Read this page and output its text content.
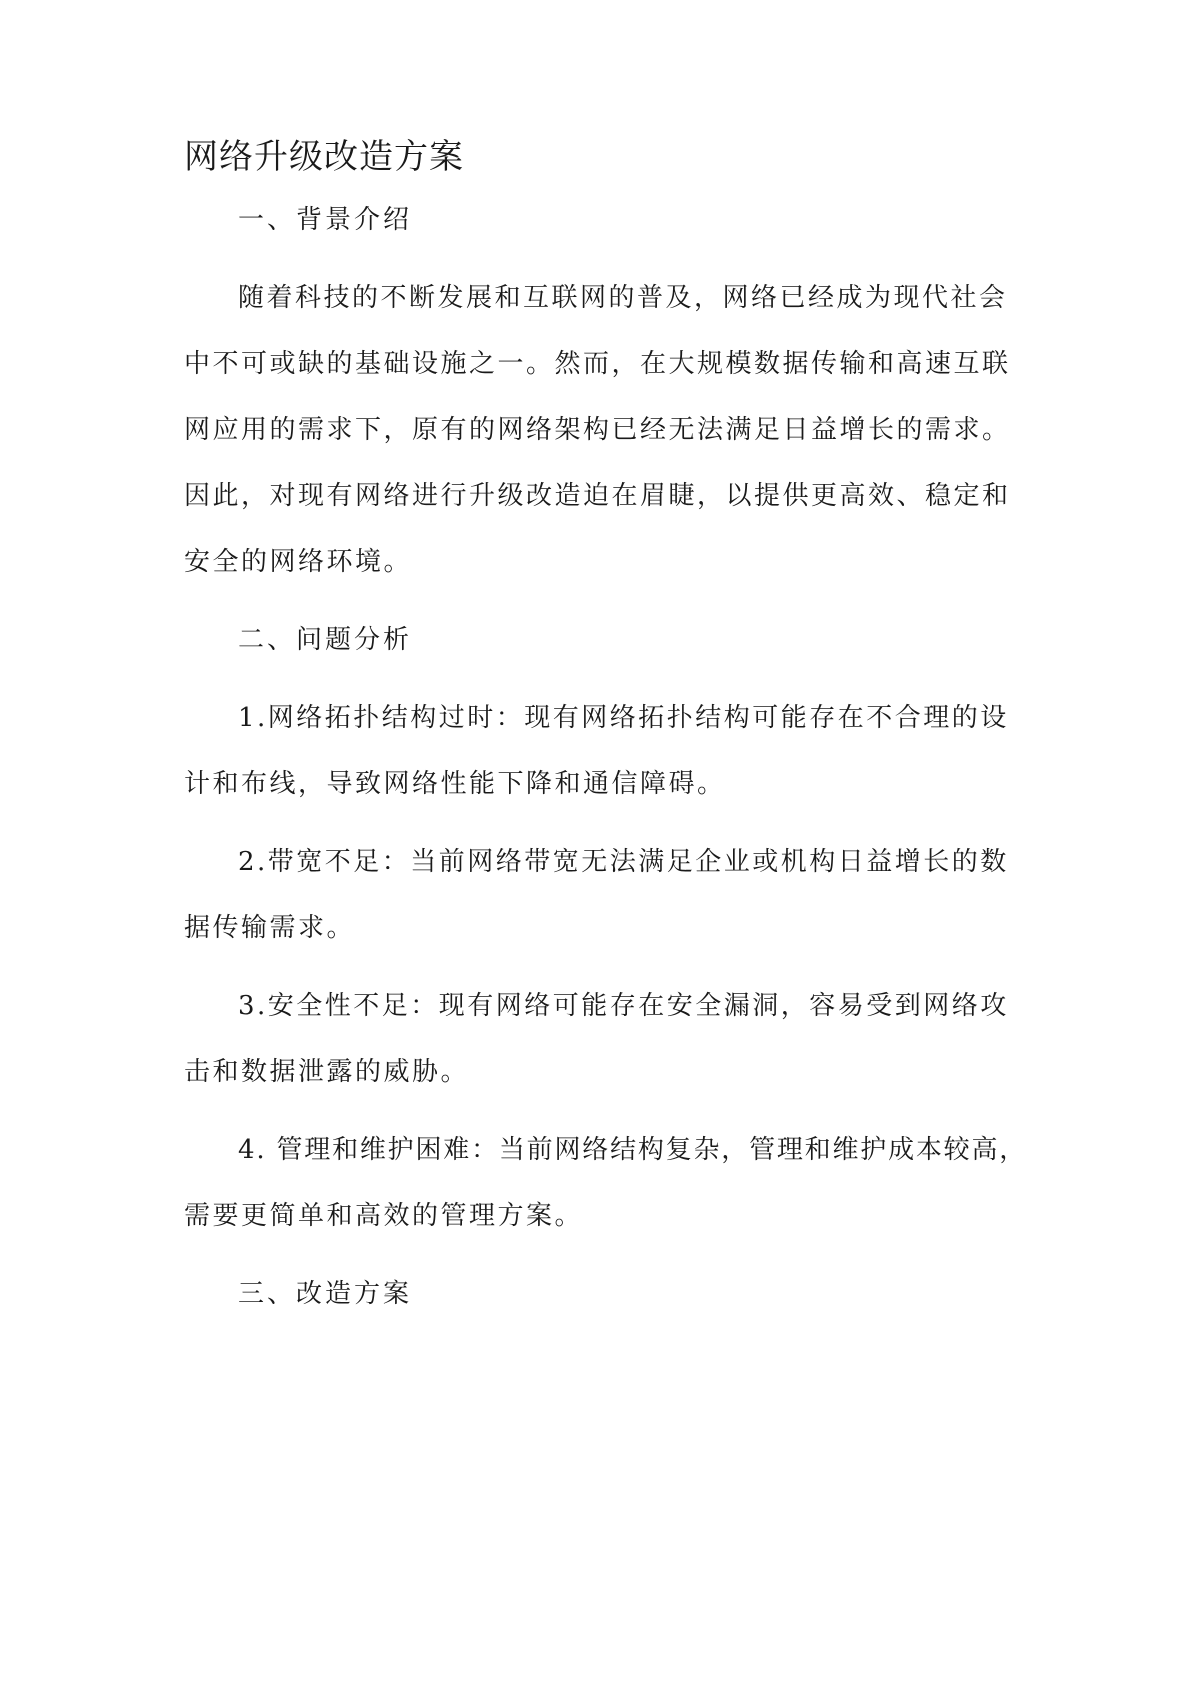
网络升级改造方案

一、背景介绍

随着科技的不断发展和互联网的普及，网络已经成为现代社会

中不可或缺的基础设施之一。然而，在大规模数据传输和高速互联

网应用的需求下，原有的网络架构已经无法满足日益增长的需求。

因此，对现有网络进行升级改造迫在眉睫，以提供更高效、稳定和

安全的网络环境。

二、问题分析

1.网络拓扑结构过时：现有网络拓扑结构可能存在不合理的设

计和布线，导致网络性能下降和通信障碍。

2.带宽不足：当前网络带宽无法满足企业或机构日益增长的数

据传输需求。

3.安全性不足：现有网络可能存在安全漏洞，容易受到网络攻

击和数据泄露的威胁。

4. 管理和维护困难：当前网络结构复杂，管理和维护成本较高，

需要更简单和高效的管理方案。

三、改造方案
